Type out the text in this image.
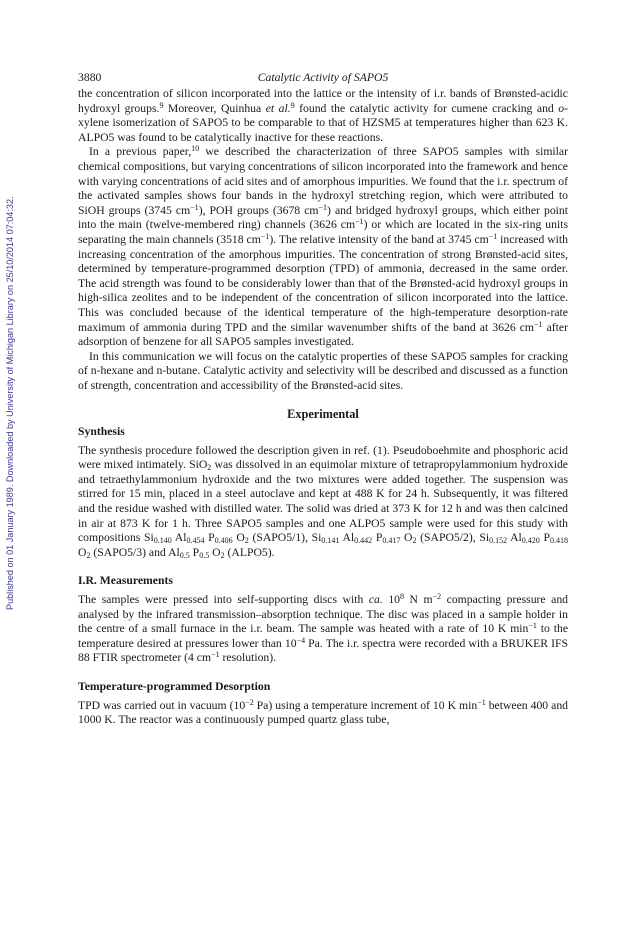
Published on 01 January 1989. Downloaded by University of Michigan Library on 25/10/2014 07:04:32.
3880	Catalytic Activity of SAPO5

the concentration of silicon incorporated into the lattice or the intensity of i.r. bands of Brønsted-acidic hydroxyl groups.$^9$ Moreover, Quinhua et al.$^9$ found the catalytic activity for cumene cracking and o-xylene isomerization of SAPO5 to be comparable to that of HZSM5 at temperatures higher than 623 K. ALPO5 was found to be catalytically inactive for these reactions.

In a previous paper,$^{10}$ we described the characterization of three SAPO5 samples with similar chemical compositions, but varying concentrations of silicon incorporated into the framework and hence with varying concentrations of acid sites and of amorphous impurities. We found that the i.r. spectrum of the activated samples shows four bands in the hydroxyl stretching region, which were attributed to SiOH groups (3745 $cm^{-1}$), POH groups (3678 $cm^{-1}$) and bridged hydroxyl groups, which either point into the main (twelve-membered ring) channels (3626 $cm^{-1}$) or which are located in the six-ring units separating the main channels (3518 $cm^{-1}$). The relative intensity of the band at 3745 $cm^{-1}$ increased with increasing concentration of the amorphous impurities. The concentration of strong Brønsted-acid sites, determined by temperature-programmed desorption (TPD) of ammonia, decreased in the same order. The acid strength was found to be considerably lower than that of the Brønsted-acid hydroxyl groups in high-silica zeolites and to be independent of the concentration of silicon incorporated into the lattice. This was concluded because of the identical temperature of the high-temperature desorption-rate maximum of ammonia during TPD and the similar wavenumber shifts of the band at 3626 $cm^{-1}$ after adsorption of benzene for all SAPO5 samples investigated.

In this communication we will focus on the catalytic properties of these SAPO5 samples for cracking of n-hexane and n-butane. Catalytic activity and selectivity will be described and discussed as a function of strength, concentration and accessibility of the Brønsted-acid sites.

Experimental
Synthesis

The synthesis procedure followed the description given in ref. (1). Pseudoboehmite and phosphoric acid were mixed intimately. SiO$_2$ was dissolved in an equimolar mixture of tetrapropylammonium hydroxide and tetraethylammonium hydroxide and the two mixtures were added together. The suspension was stirred for 15 min, placed in a steel autoclave and kept at 488 K for 24 h. Subsequently, it was filtered and the residue washed with distilled water. The solid was dried at 373 K for 12 h and was then calcined in air at 873 K for 1 h. Three SAPO5 samples and one ALPO5 sample were used for this study with compositions $Si_{0.140}$ $Al_{0.454}$ $P_{0.406}$ $O_2$ (SAPO5/1), $Si_{0.141}$ $Al_{0.442}$ $P_{0.417}$ $O_2$ (SAPO5/2), $Si_{0.152}$ $Al_{0.420}$ $P_{0.418}$ $O_2$ (SAPO5/3) and $Al_{0.5}$ $P_{0.5}$ $O_2$ (ALPO5).

I.R. Measurements

The samples were pressed into self-supporting discs with ca. $10^8$ N $m^{-2}$ compacting pressure and analysed by the infrared transmission–absorption technique. The disc was placed in a sample holder in the centre of a small furnace in the i.r. beam. The sample was heated with a rate of 10 K $\min^{-1}$ to the temperature desired at pressures lower than $10^{-4}$ Pa. The i.r. spectra were recorded with a BRUKER IFS 88 FTIR spectrometer (4 $cm^{-1}$ resolution).

Temperature-programmed Desorption

TPD was carried out in vacuum ($10^{-2}$ Pa) using a temperature increment of 10 K $\min^{-1}$ between 400 and 1000 K. The reactor was a continuously pumped quartz glass tube,
